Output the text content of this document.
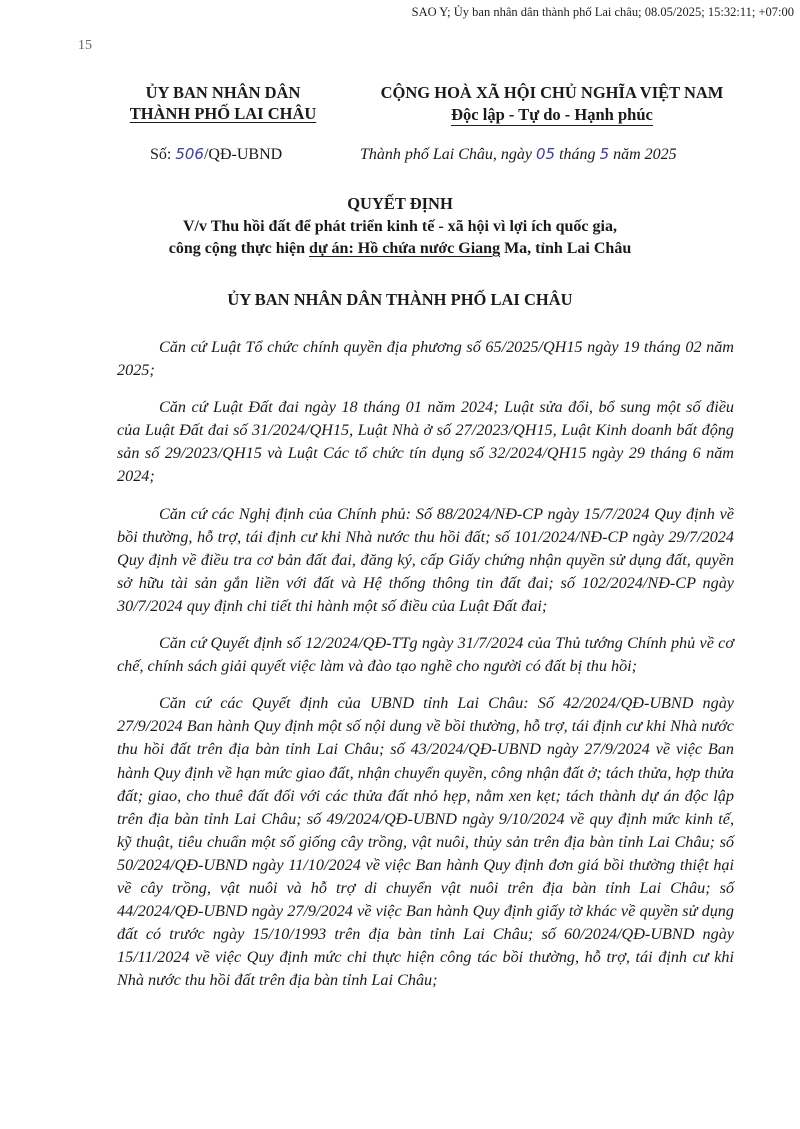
SAO Y; Ủy ban nhân dân thành phố Lai châu; 08.05/2025; 15:32:11; +07:00
15
ỦY BAN NHÂN DÂN
THÀNH PHỐ LAI CHÂU
CỘNG HOÀ XÃ HỘI CHỦ NGHĨA VIỆT NAM
Độc lập - Tự do - Hạnh phúc
Số: 506/QĐ-UBND	Thành phố Lai Châu, ngày 05 tháng 5 năm 2025
QUYẾT ĐỊNH
V/v Thu hồi đất để phát triển kinh tế - xã hội vì lợi ích quốc gia,
công cộng thực hiện dự án: Hồ chứa nước Giang Ma, tỉnh Lai Châu
ỦY BAN NHÂN DÂN THÀNH PHỐ LAI CHÂU

Căn cứ Luật Tổ chức chính quyền địa phương số 65/2025/QH15 ngày 19 tháng 02 năm 2025;

Căn cứ Luật Đất đai ngày 18 tháng 01 năm 2024; Luật sửa đổi, bổ sung một số điều của Luật Đất đai số 31/2024/QH15, Luật Nhà ở số 27/2023/QH15, Luật Kinh doanh bất động sản số 29/2023/QH15 và Luật Các tổ chức tín dụng số 32/2024/QH15 ngày 29 tháng 6 năm 2024;

Căn cứ các Nghị định của Chính phủ: Số 88/2024/NĐ-CP ngày 15/7/2024 Quy định về bồi thường, hỗ trợ, tái định cư khi Nhà nước thu hồi đất; số 101/2024/NĐ-CP ngày 29/7/2024 Quy định về điều tra cơ bản đất đai, đăng ký, cấp Giấy chứng nhận quyền sử dụng đất, quyền sở hữu tài sản gắn liền với đất và Hệ thống thông tin đất đai; số 102/2024/NĐ-CP ngày 30/7/2024 quy định chi tiết thi hành một số điều của Luật Đất đai;

Căn cứ Quyết định số 12/2024/QĐ-TTg ngày 31/7/2024 của Thủ tướng Chính phủ về cơ chế, chính sách giải quyết việc làm và đào tạo nghề cho người có đất bị thu hồi;

Căn cứ các Quyết định của UBND tỉnh Lai Châu: Số 42/2024/QĐ-UBND ngày 27/9/2024 Ban hành Quy định một số nội dung về bồi thường, hỗ trợ, tái định cư khi Nhà nước thu hồi đất trên địa bàn tỉnh Lai Châu; số 43/2024/QĐ-UBND ngày 27/9/2024 về việc Ban hành Quy định về hạn mức giao đất, nhận chuyển quyền, công nhận đất ở; tách thửa, hợp thửa đất; giao, cho thuê đất đối với các thửa đất nhỏ hẹp, nằm xen kẹt; tách thành dự án độc lập trên địa bàn tỉnh Lai Châu; số 49/2024/QĐ-UBND ngày 9/10/2024 về quy định mức kinh tế, kỹ thuật, tiêu chuẩn một số giống cây trồng, vật nuôi, thủy sản trên địa bàn tỉnh Lai Châu; số 50/2024/QĐ-UBND ngày 11/10/2024 về việc Ban hành Quy định đơn giá bồi thường thiệt hại về cây trồng, vật nuôi và hỗ trợ di chuyển vật nuôi trên địa bàn tỉnh Lai Châu; số 44/2024/QĐ-UBND ngày 27/9/2024 về việc Ban hành Quy định giấy tờ khác về quyền sử dụng đất có trước ngày 15/10/1993 trên địa bàn tỉnh Lai Châu; số 60/2024/QĐ-UBND ngày 15/11/2024 về việc Quy định mức chi thực hiện công tác bồi thường, hỗ trợ, tái định cư khi Nhà nước thu hồi đất trên địa bàn tỉnh Lai Châu;
